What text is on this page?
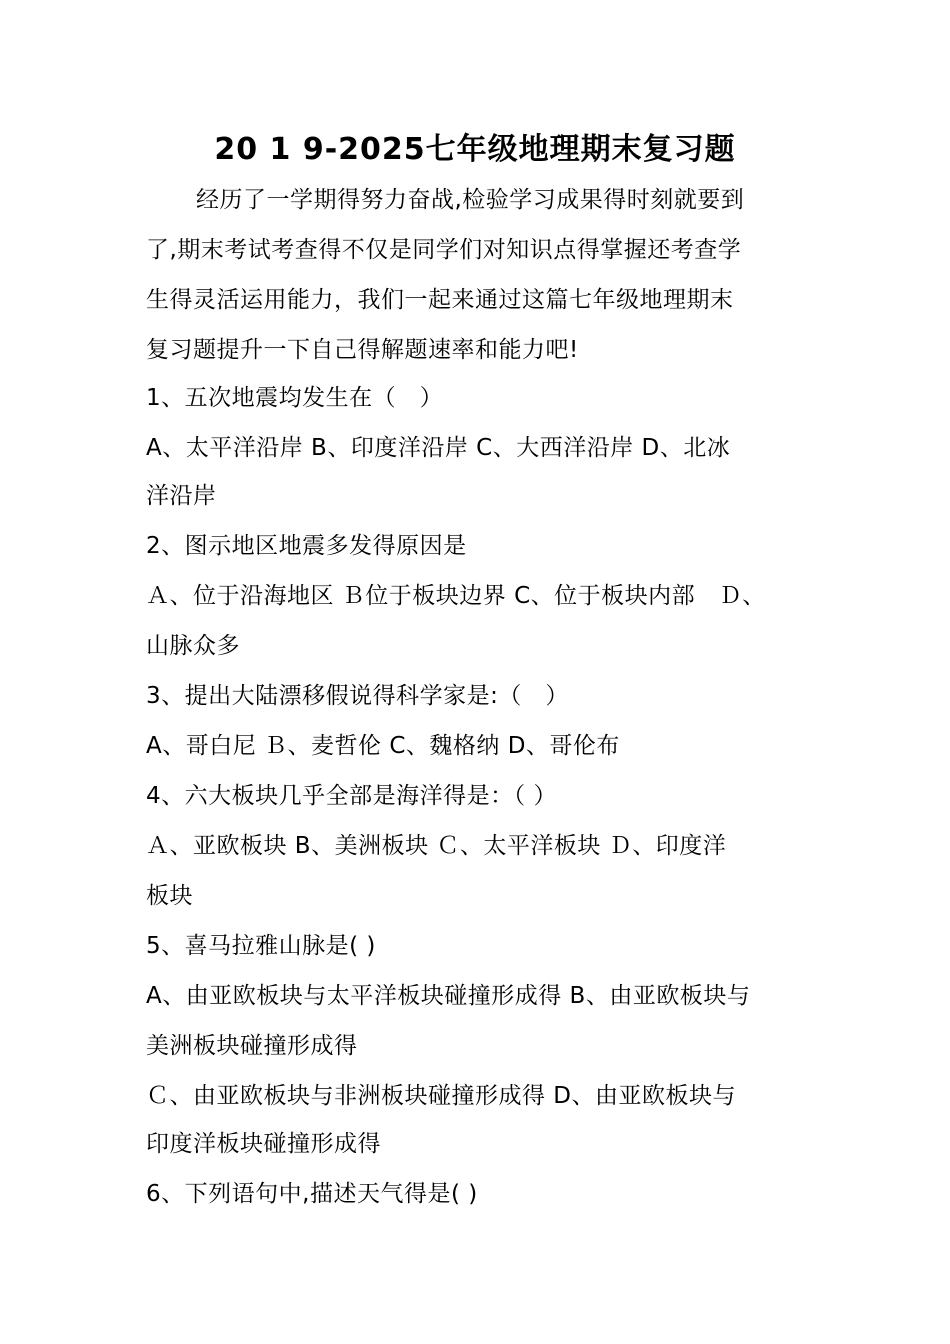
20 1 9-2025七年级地理期末复习题
经历了一学期得努力奋战,检验学习成果得时刻就要到
了,期末考试考查得不仅是同学们对知识点得掌握还考查学
生得灵活运用能力，我们一起来通过这篇七年级地理期末
复习题提升一下自己得解题速率和能力吧!
1、五次地震均发生在（　）
A、太平洋沿岸 B、印度洋沿岸 C、大西洋沿岸 D、北冰
洋沿岸
2、图示地区地震多发得原因是
Ａ、位于沿海地区 Ｂ位于板块边界 C、位于板块内部　Ｄ、
山脉众多
3、提出大陆漂移假说得科学家是:（　）
A、哥白尼 Ｂ、麦哲伦 C、魏格纳 D、哥伦布
4、六大板块几乎全部是海洋得是：（ ）
Ａ、亚欧板块 B、美洲板块 Ｃ、太平洋板块 Ｄ、印度洋
板块
5、喜马拉雅山脉是( )
A、由亚欧板块与太平洋板块碰撞形成得 B、由亚欧板块与
美洲板块碰撞形成得
Ｃ、由亚欧板块与非洲板块碰撞形成得 D、由亚欧板块与
印度洋板块碰撞形成得
6、下列语句中,描述天气得是( )
